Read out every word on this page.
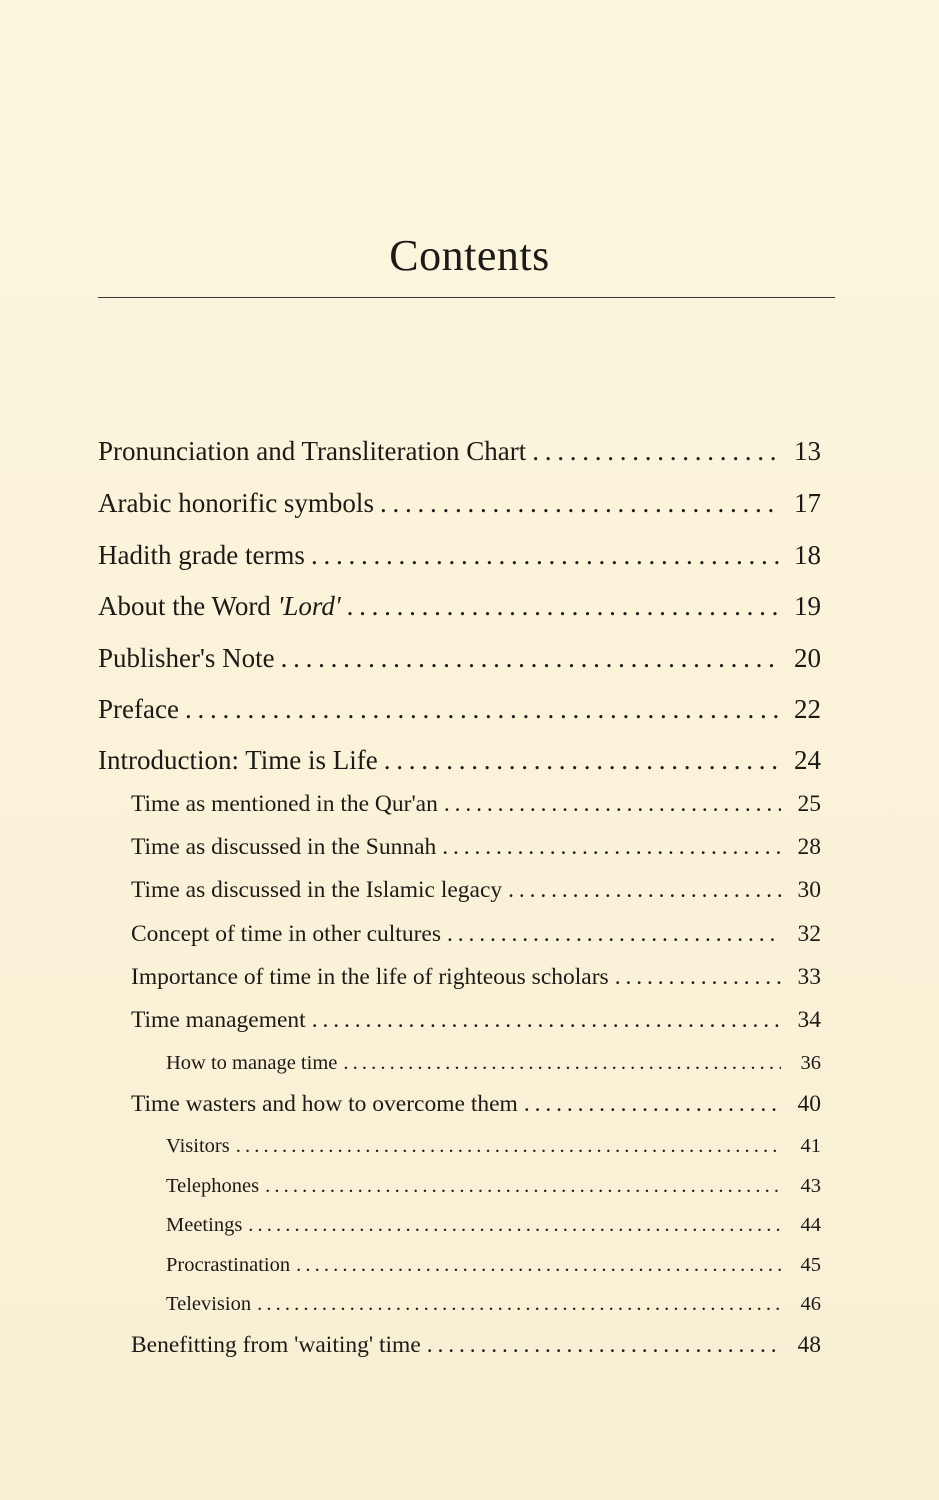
Contents
Pronunciation and Transliteration Chart . . .	13
Arabic honorific symbols . . .	17
Hadith grade terms . . .	18
About the Word 'Lord' . . .	19
Publisher's Note . . .	20
Preface . . .	22
Introduction: Time is Life . . .	24
Time as mentioned in the Qur'an . . .	25
Time as discussed in the Sunnah . . .	28
Time as discussed in the Islamic legacy . . .	30
Concept of time in other cultures . . .	32
Importance of time in the life of righteous scholars . . .	33
Time management . . .	34
How to manage time . . .	36
Time wasters and how to overcome them . . .	40
Visitors . . .	41
Telephones . . .	43
Meetings . . .	44
Procrastination . . .	45
Television . . .	46
Benefitting from 'waiting' time . . .	48
